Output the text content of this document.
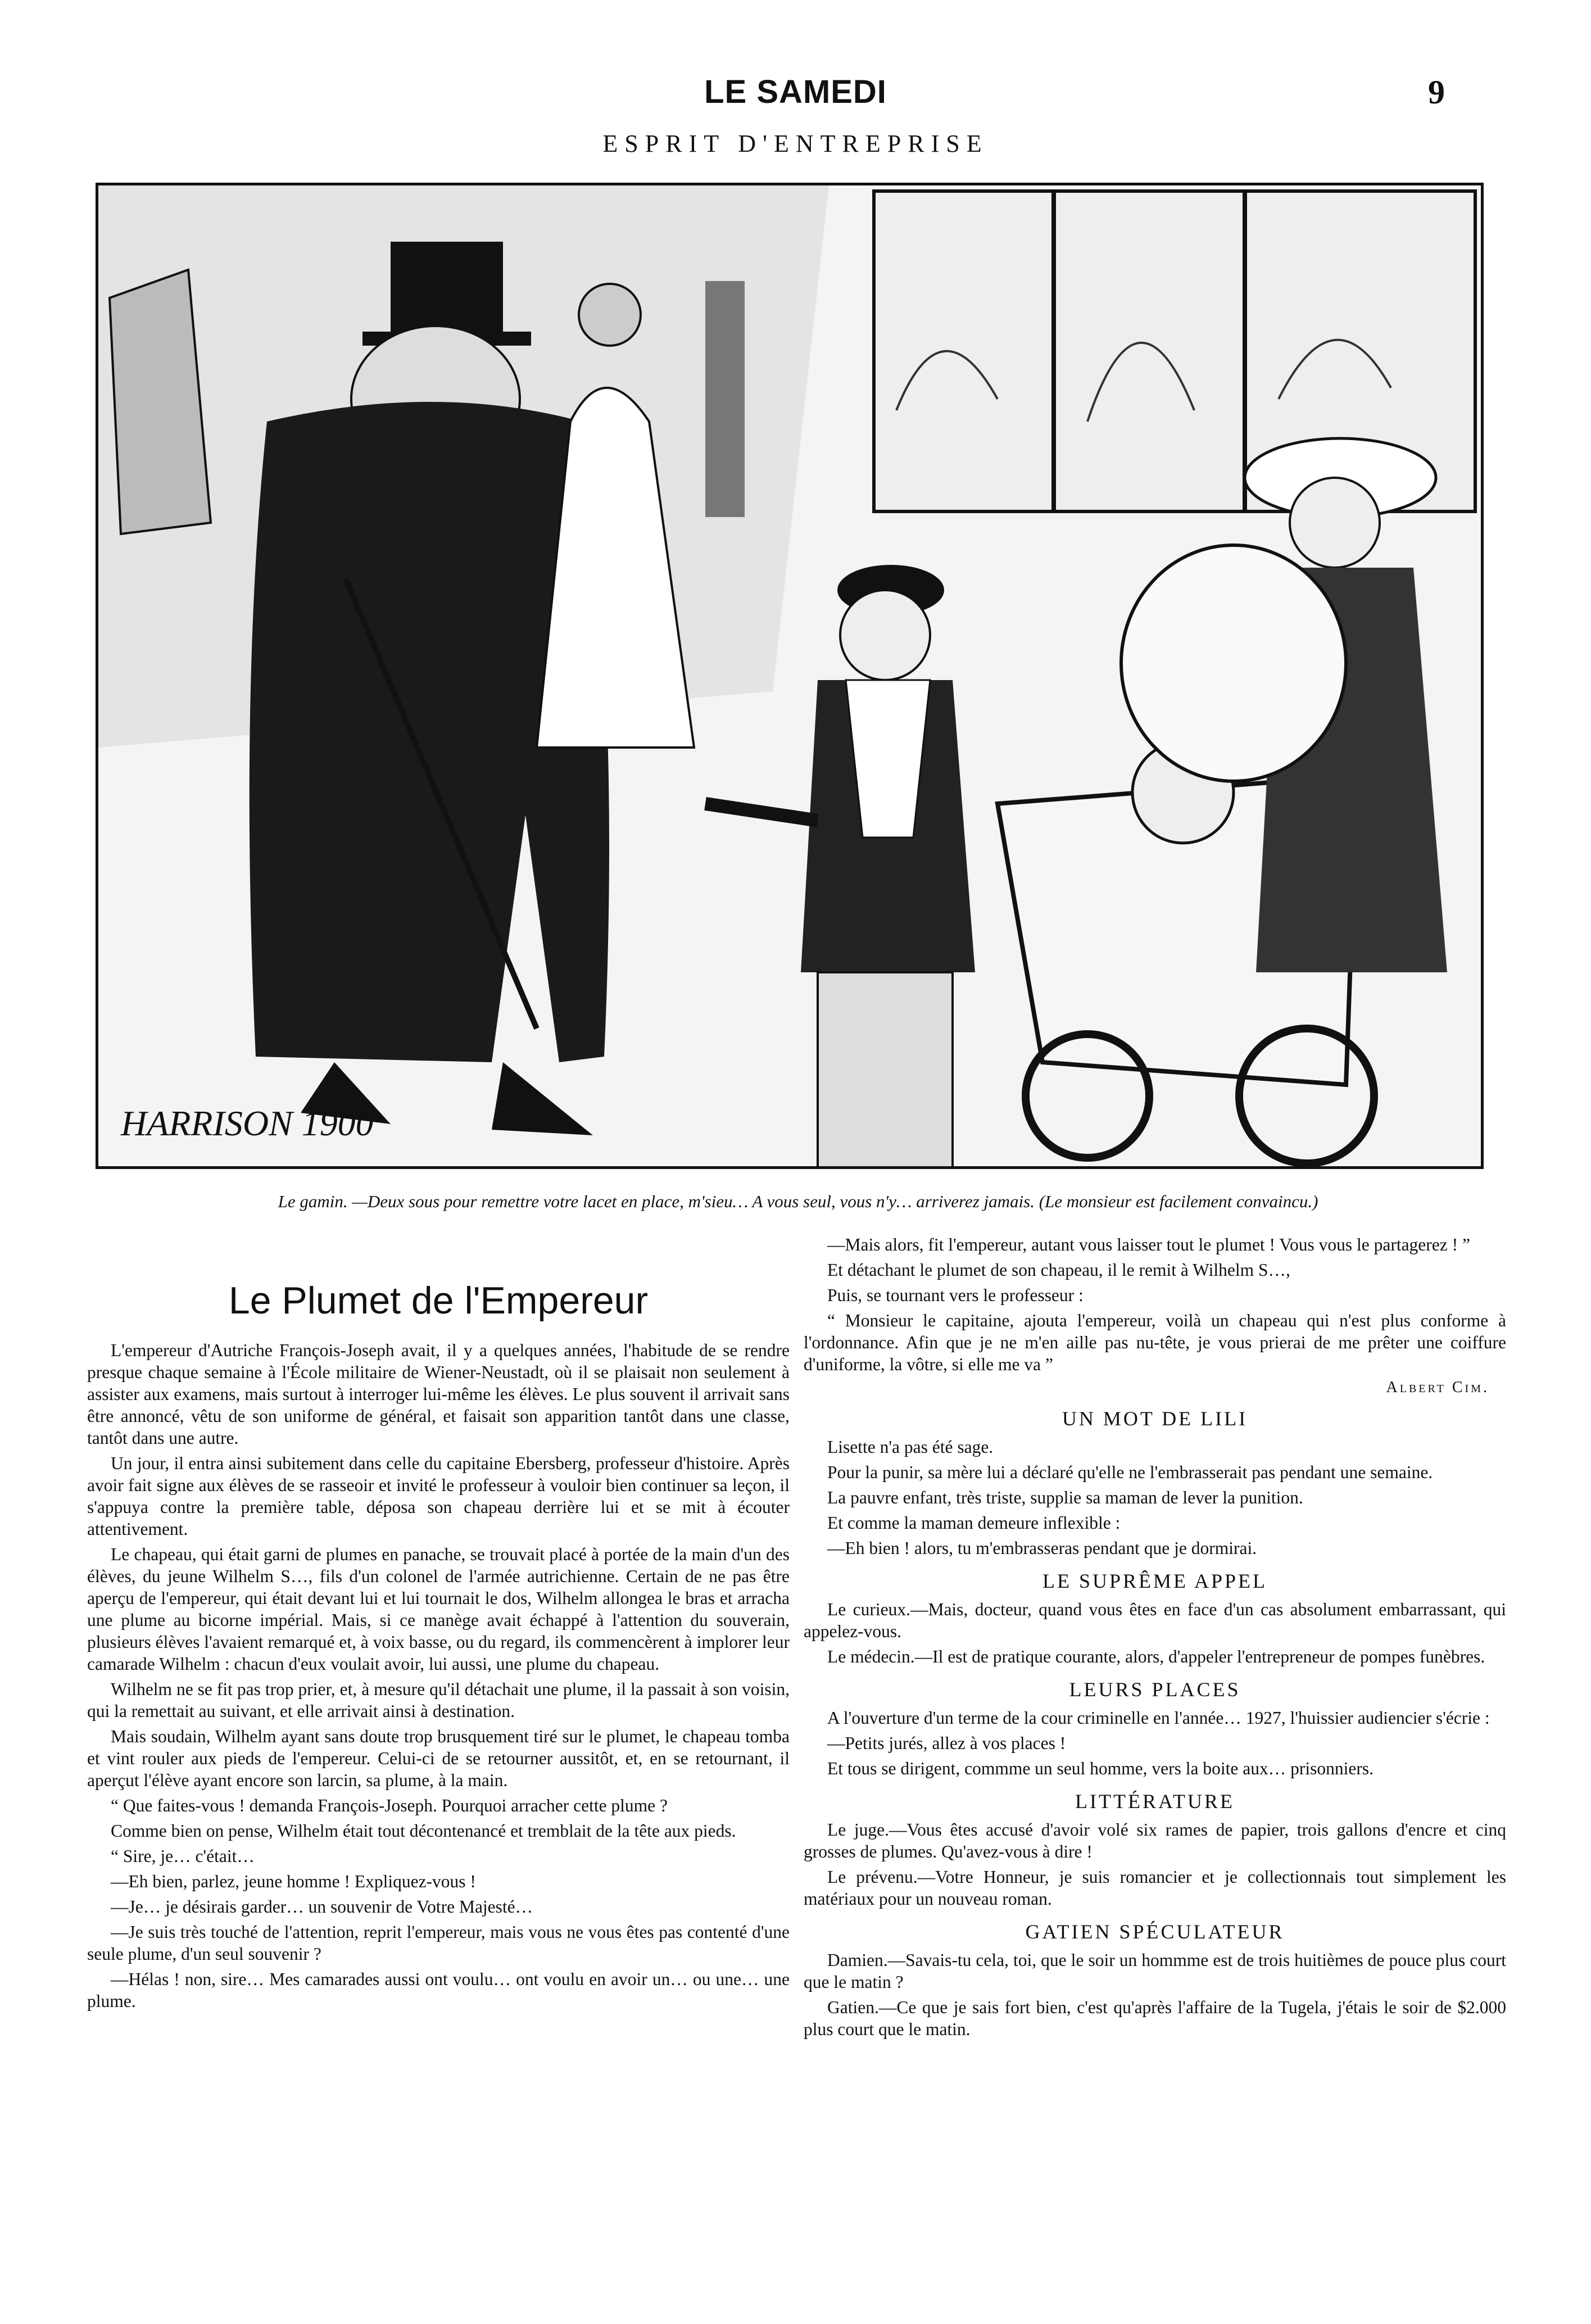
LE SAMEDI	9
ESPRIT D'ENTREPRISE
HARRISON 1900
Le gamin. —Deux sous pour remettre votre lacet en place, m'sieu… A vous seul, vous n'y… arriverez jamais. (Le monsieur est facilement convaincu.)
Le Plumet de l'Empereur

L'empereur d'Autriche François-Joseph avait, il y a quelques années, l'habitude de se rendre presque chaque semaine à l'École militaire de Wiener-Neustadt, où il se plaisait non seulement à assister aux examens, mais surtout à interroger lui-même les élèves. Le plus souvent il arrivait sans être annoncé, vêtu de son uniforme de général, et faisait son apparition tantôt dans une classe, tantôt dans une autre.

Un jour, il entra ainsi subitement dans celle du capitaine Ebersberg, professeur d'histoire. Après avoir fait signe aux élèves de se rasseoir et invité le professeur à vouloir bien continuer sa leçon, il s'appuya contre la première table, déposa son chapeau derrière lui et se mit à écouter attentivement.

Le chapeau, qui était garni de plumes en panache, se trouvait placé à portée de la main d'un des élèves, du jeune Wilhelm S…, fils d'un colonel de l'armée autrichienne. Certain de ne pas être aperçu de l'empereur, qui était devant lui et lui tournait le dos, Wilhelm allongea le bras et arracha une plume au bicorne impérial. Mais, si ce manège avait échappé à l'attention du souverain, plusieurs élèves l'avaient remarqué et, à voix basse, ou du regard, ils commencèrent à implorer leur camarade Wilhelm : chacun d'eux voulait avoir, lui aussi, une plume du chapeau.

Wilhelm ne se fit pas trop prier, et, à mesure qu'il détachait une plume, il la passait à son voisin, qui la remettait au suivant, et elle arrivait ainsi à destination.

Mais soudain, Wilhelm ayant sans doute trop brusquement tiré sur le plumet, le chapeau tomba et vint rouler aux pieds de l'empereur. Celui-ci de se retourner aussitôt, et, en se retournant, il aperçut l'élève ayant encore son larcin, sa plume, à la main.

“ Que faites-vous ! demanda François-Joseph. Pourquoi arracher cette plume ?

Comme bien on pense, Wilhelm était tout décontenancé et tremblait de la tête aux pieds.

“ Sire, je… c'était…

—Eh bien, parlez, jeune homme ! Expliquez-vous !

—Je… je désirais garder… un souvenir de Votre Majesté…

—Je suis très touché de l'attention, reprit l'empereur, mais vous ne vous êtes pas contenté d'une seule plume, d'un seul souvenir ?

—Hélas ! non, sire… Mes camarades aussi ont voulu… ont voulu en avoir un… ou une… une plume.

—Mais alors, fit l'empereur, autant vous laisser tout le plumet ! Vous vous le partagerez ! ”

Et détachant le plumet de son chapeau, il le remit à Wilhelm S…,

Puis, se tournant vers le professeur :

“ Monsieur le capitaine, ajouta l'empereur, voilà un chapeau qui n'est plus conforme à l'ordonnance. Afin que je ne m'en aille pas nu-tête, je vous prierai de me prêter une coiffure d'uniforme, la vôtre, si elle me va ”

Albert Cim.
UN MOT DE LILI

Lisette n'a pas été sage.

Pour la punir, sa mère lui a déclaré qu'elle ne l'embrasserait pas pendant une semaine.

La pauvre enfant, très triste, supplie sa maman de lever la punition.

Et comme la maman demeure inflexible :

—Eh bien ! alors, tu m'embrasseras pendant que je dormirai.

LE SUPRÊME APPEL

Le curieux.—Mais, docteur, quand vous êtes en face d'un cas absolument embarrassant, qui appelez-vous.

Le médecin.—Il est de pratique courante, alors, d'appeler l'entrepreneur de pompes funèbres.

LEURS PLACES

A l'ouverture d'un terme de la cour criminelle en l'année… 1927, l'huissier audiencier s'écrie :

—Petits jurés, allez à vos places !

Et tous se dirigent, commme un seul homme, vers la boite aux… prisonniers.

LITTÉRATURE

Le juge.—Vous êtes accusé d'avoir volé six rames de papier, trois gallons d'encre et cinq grosses de plumes. Qu'avez-vous à dire !

Le prévenu.—Votre Honneur, je suis romancier et je collectionnais tout simplement les matériaux pour un nouveau roman.

GATIEN SPÉCULATEUR

Damien.—Savais-tu cela, toi, que le soir un hommme est de trois huitièmes de pouce plus court que le matin ?

Gatien.—Ce que je sais fort bien, c'est qu'après l'affaire de la Tugela, j'étais le soir de $2.000 plus court que le matin.
